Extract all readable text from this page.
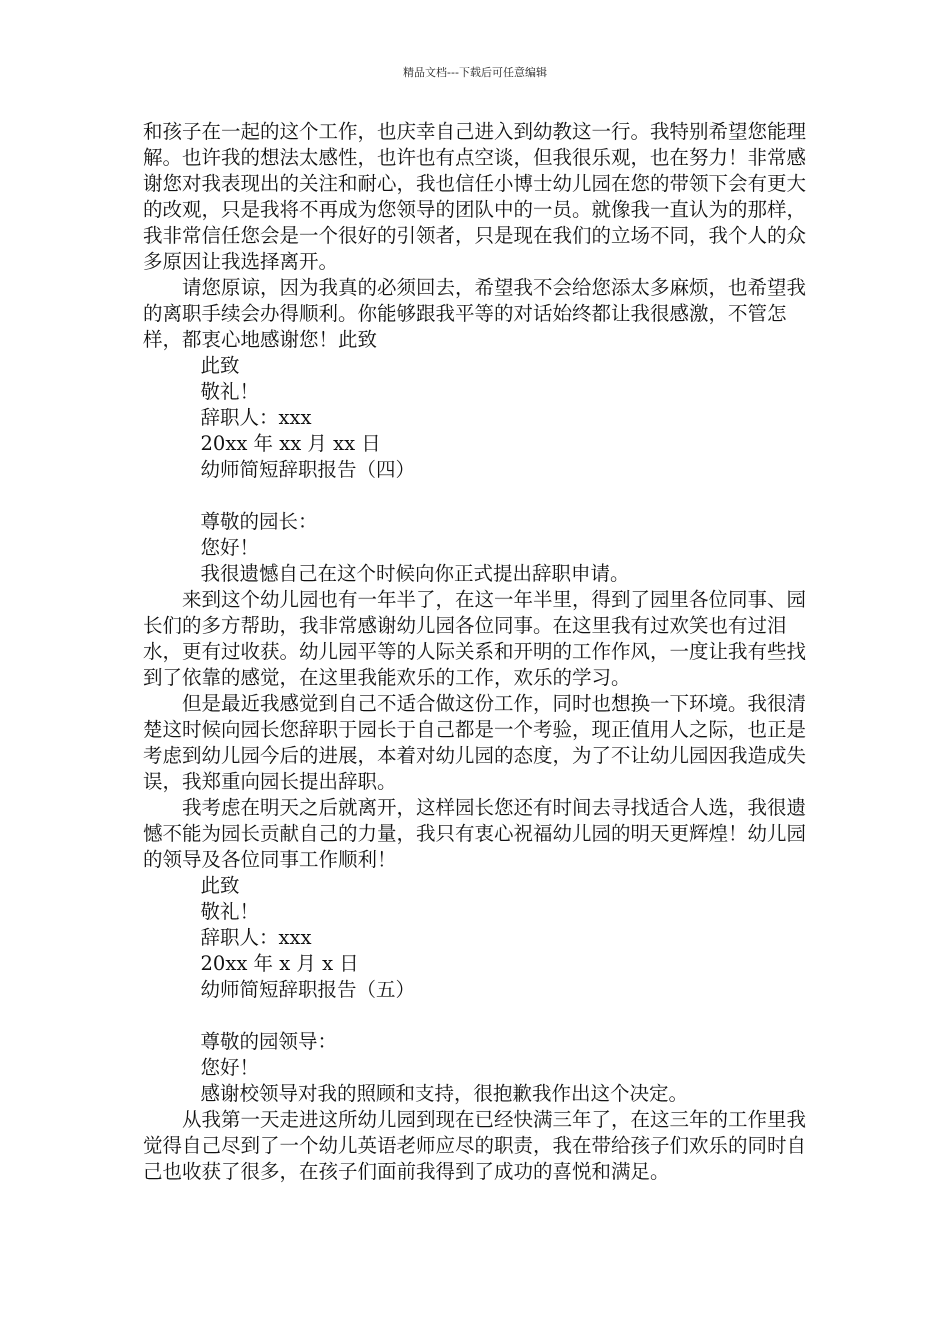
精品文档---下载后可任意编辑

和孩子在一起的这个工作，也庆幸自己进入到幼教这一行。我特别希望您能理解。也许我的想法太感性，也许也有点空谈，但我很乐观，也在努力！非常感谢您对我表现出的关注和耐心，我也信任小博士幼儿园在您的带领下会有更大的改观，只是我将不再成为您领导的团队中的一员。就像我一直认为的那样，我非常信任您会是一个很好的引领者，只是现在我们的立场不同，我个人的众多原因让我选择离开。

请您原谅，因为我真的必须回去，希望我不会给您添太多麻烦，也希望我的离职手续会办得顺利。你能够跟我平等的对话始终都让我很感激，不管怎样，都衷心地感谢您！此致

此致

敬礼！

辞职人：xxx

20xx 年 xx 月 xx 日

幼师简短辞职报告（四）

尊敬的园长：

您好！

我很遗憾自己在这个时候向你正式提出辞职申请。

来到这个幼儿园也有一年半了，在这一年半里，得到了园里各位同事、园长们的多方帮助，我非常感谢幼儿园各位同事。在这里我有过欢笑也有过泪水，更有过收获。幼儿园平等的人际关系和开明的工作作风，一度让我有些找到了依靠的感觉，在这里我能欢乐的工作，欢乐的学习。

但是最近我感觉到自己不适合做这份工作，同时也想换一下环境。我很清楚这时候向园长您辞职于园长于自己都是一个考验，现正值用人之际，也正是考虑到幼儿园今后的进展，本着对幼儿园的态度，为了不让幼儿园因我造成失误，我郑重向园长提出辞职。

我考虑在明天之后就离开，这样园长您还有时间去寻找适合人选，我很遗憾不能为园长贡献自己的力量，我只有衷心祝福幼儿园的明天更辉煌！幼儿园的领导及各位同事工作顺利！

此致

敬礼！

辞职人：xxx

20xx 年 x 月 x 日

幼师简短辞职报告（五）

尊敬的园领导：

您好！

感谢校领导对我的照顾和支持，很抱歉我作出这个决定。

从我第一天走进这所幼儿园到现在已经快满三年了，在这三年的工作里我觉得自己尽到了一个幼儿英语老师应尽的职责，我在带给孩子们欢乐的同时自己也收获了很多，在孩子们面前我得到了成功的喜悦和满足。
